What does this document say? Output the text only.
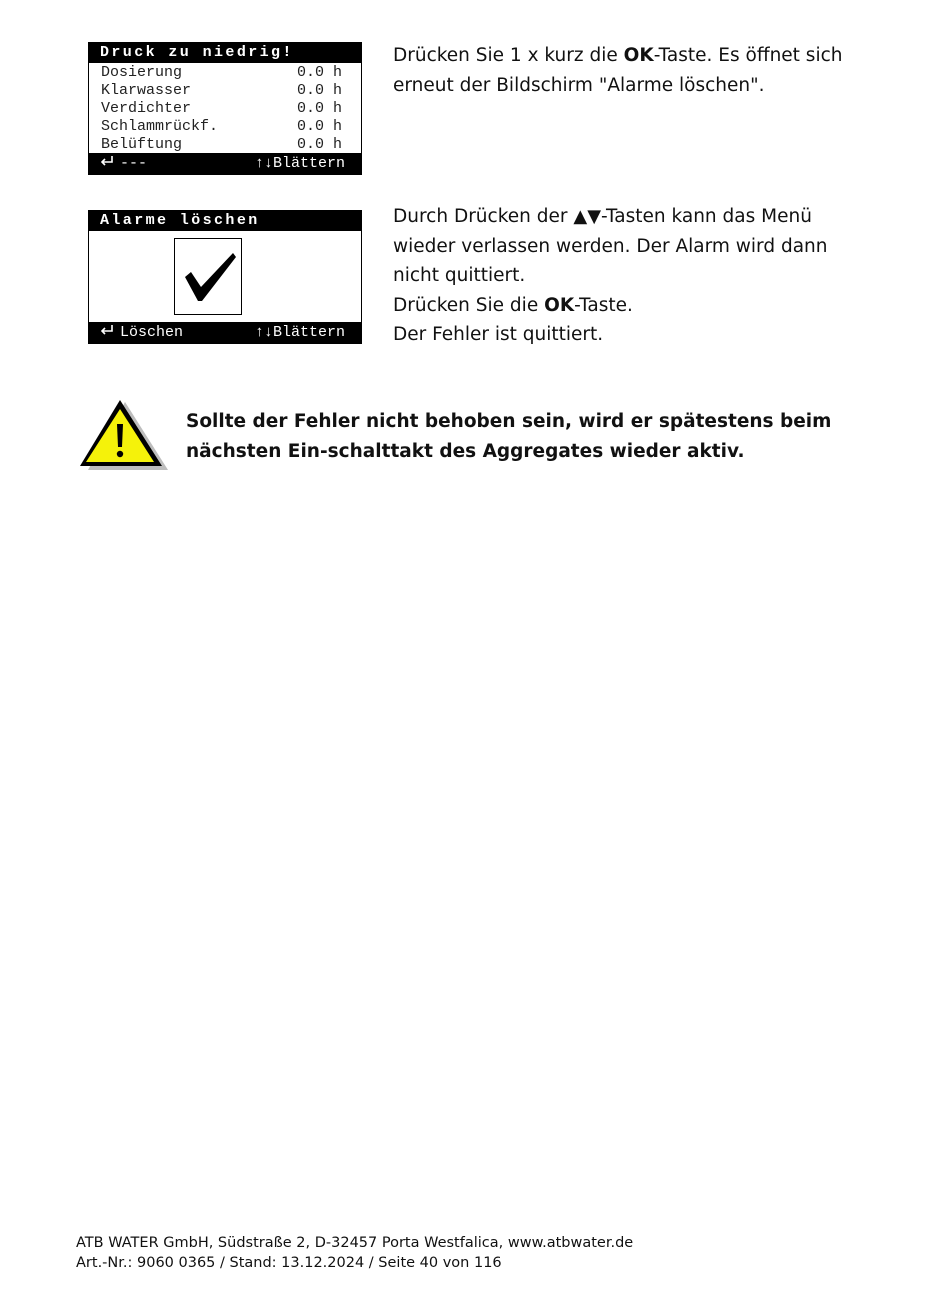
Druck zu niedrig!
Dosierung	0.0 h
Klarwasser	0.0 h
Verdichter	0.0 h
Schlammrückf.	0.0 h
Belüftung	0.0 h
---	↑↓Blättern
Drücken Sie 1 x kurz die OK-Taste. Es öffnet sich erneut der Bildschirm "Alarme löschen".
Alarme löschen
Löschen	↑↓Blättern
Durch Drücken der ▲▼-Tasten kann das Menü wieder verlassen werden. Der Alarm wird dann nicht quittiert.
Drücken Sie die OK-Taste.
Der Fehler ist quittiert.
Sollte der Fehler nicht behoben sein, wird er spätestens beim nächsten Ein-schalttakt des Aggregates wieder aktiv.
ATB WATER GmbH, Südstraße 2, D-32457 Porta Westfalica, www.atbwater.de
Art.-Nr.: 9060 0365 / Stand: 13.12.2024 / Seite 40 von 116
